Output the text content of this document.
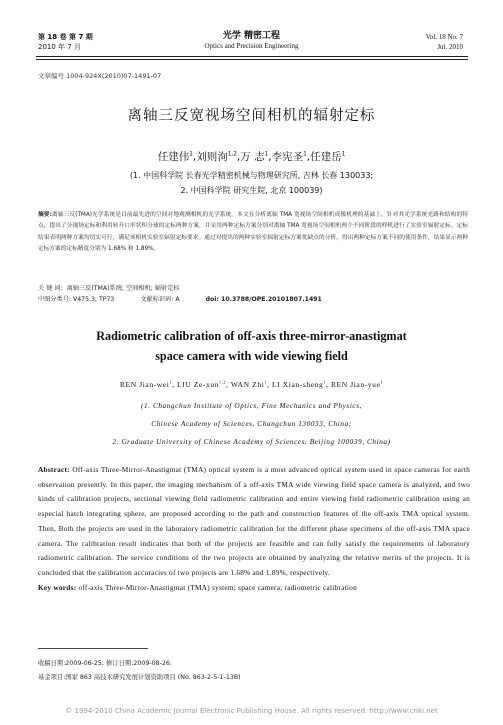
第 18 卷 第 7 期
2010 年 7 月
光学 精密工程
Optics and Precision Engineering
Vol. 18 No. 7
Jul. 2010
文章编号 1004-924X(2010)07-1491-07
离轴三反宽视场空间相机的辐射定标
任建伟$^1$,刘则洵$^{1,2}$,万 志$^1$,李宪圣$^1$,任建岳$^1$
(1. 中国科学院 长春光学精密机械与物理研究所, 吉林 长春 130033;
2. 中国科学院 研究生院, 北京 100039)
摘要:离轴三反(TMA)光学系统是目前最先进的空间对地观测相机的光学系统。本文在分析离轴 TMA 宽视场空间相机成像机理的基础上，针对其光学系统光路和结构的特点，提出了分视场定标和利用转开口形状积分球的定标两种方案，并采用两种定标方案分别对离轴 TMA 宽视场空间相机两个不同阶段的样机进行了实验室辐射定标。定标结果表明两种方案均切实可行，满足该相机实验室辐射定标要求。通过对提出的两种实验室辐射定标方案优缺点的分析，得出两种定标方案不同的使用条件，结果显示两种定标方案的定标精度分别为 1.68% 和 1.89%。
关 键 词: 离轴三反(TMA)系统; 空间相机; 辐射定标
中图分类号: V475.3; TP73	文献标识码: A	doi: 10.3788/OPE.20101807.1491
Radiometric calibration of off-axis three-mirror-anastigmat
space camera with wide viewing field
REN Jian-wei$^1$, LIU Ze-xun$^{1,2}$, WAN Zhi$^1$, LI Xian-sheng$^1$, REN Jian-yue$^1$
(1. Changchun Institute of Optics, Fine Mechanics and Physics,
Chinese Academy of Sciences, Changchun 130033, China;
2. Graduate University of Chinese Academy of Sciences, Beijing 100039, China)
Abstract: Off-axis Three-Mirror-Anastigmat (TMA) optical system is a most advanced optical system used in space cameras for earth observation presently. In this paper, the imaging mechanism of a off-axis TMA wide viewing field space camera is analyzed, and two kinds of calibration projects, sectional viewing field radiometric calibration and entire viewing field radiometric calibration using an especial hatch integrating sphere, are proposed according to the path and construction features of the off-axis TMA optical system. Then, Both the projects are used in the laboratory radiometric calibration for the different phase specimens of the off-axis TMA space camera. The calibration result indicates that both of the projects are feasible and can fully satisfy the requirements of laboratory radiometric calibration. The service conditions of the two projects are obtained by analyzing the relative merits of the projects. It is concluded that the calibration accuracies of two projects are 1.68% and 1.89%, respectively.
Key words: off-axis Three-Mirror-Anastigmat (TMA) system; space camera; radiometric calibration
收稿日期:2009-06-25; 修订日期:2009-08-26.
基金项目:国家 863 高技术研究发展计划资助项目 (No. 863-2-5-1-13B)
© 1994-2010 China Academic Journal Electronic Publishing House. All rights reserved. http://www.cnki.net
